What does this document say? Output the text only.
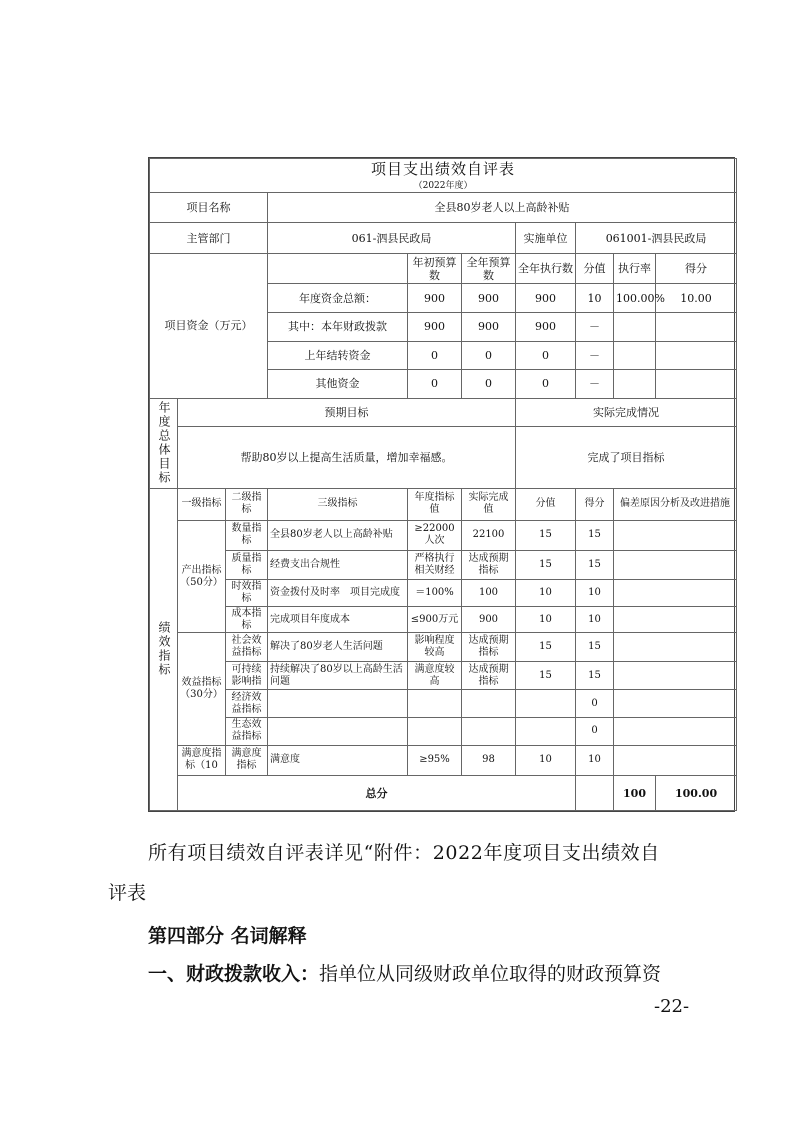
项目支出绩效自评表										
（2022年度）										
项目名称			全县80岁老人以上高龄补贴							
主管部门			061-泗县民政局			实施单位	061001-泗县民政局			
项目资金（万元）				年初预算数	全年预算数	全年执行数	分值	执行率	得分	
			年度资金总额：	900	900	900	10	100.00%	10.00	
			其中：本年财政拨款	900	900	900	－			
			上年结转资金	0	0	0	－			
			其他资金	0	0	0	－			
年度总体目标	预期目标					实际完成情况				
	帮助80岁以上提高生活质量，增加幸福感。					完成了项目指标				
绩效指标	一级指标	二级指标	三级指标	年度指标值	实际完成值	分值	得分	偏差原因分析及改进措施		
	产出指标（50分）	数量指标	全县80岁老人以上高龄补贴	≥22000人次	22100	15	15			
		质量指标	经费支出合规性	严格执行相关财经	达成预期指标	15	15			
		时效指标	资金拨付及时率　项目完成度	＝100%	100	10	10			
		成本指标	完成项目年度成本	≤900万元	900	10	10			
	效益指标（30分）	社会效益指标	解决了80岁老人生活问题	影响程度较高	达成预期指标	15	15			
		可持续影响指	持续解决了80岁以上高龄生活问题	满意度较高	达成预期指标	15	15			
		经济效益指标					0			
		生态效益指标					0			
	满意度指标（10	满意度指标	满意度	≥95%	98	10	10			
	总分							100	100.00	
所有项目绩效自评表详见“附件：2022年度项目支出绩效自
评表
第四部分 名词解释
一、财政拨款收入：指单位从同级财政单位取得的财政预算资
-22-
